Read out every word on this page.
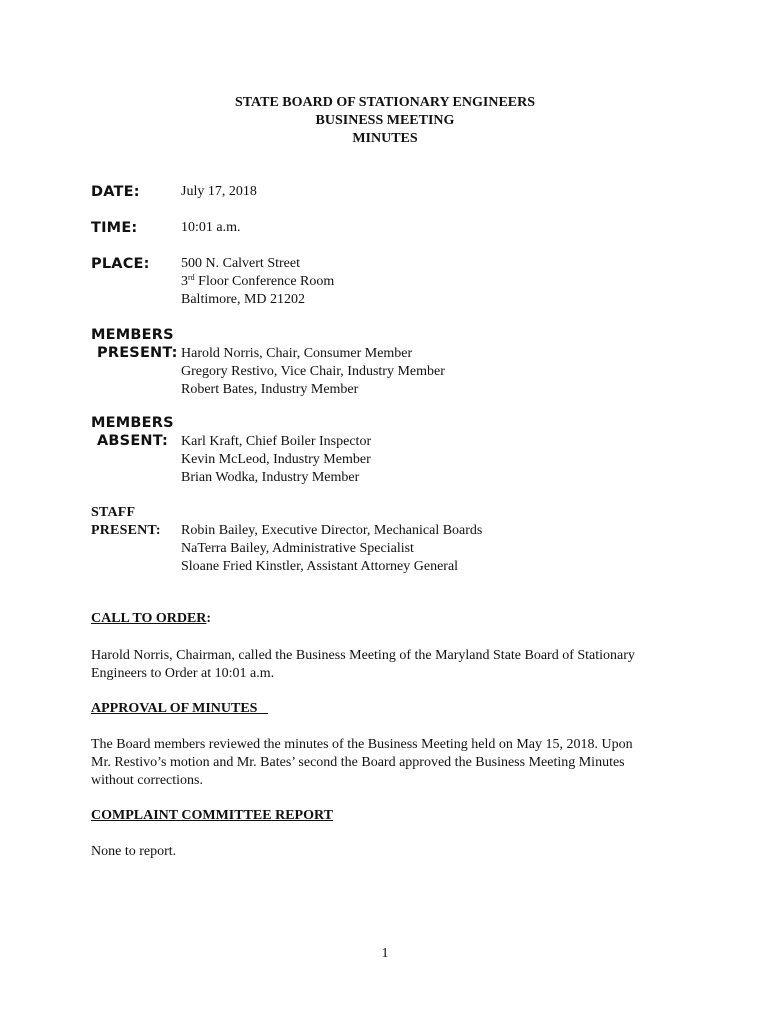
STATE BOARD OF STATIONARY ENGINEERS
BUSINESS MEETING
MINUTES
DATE:	July 17, 2018
TIME:	10:01 a.m.
PLACE: 500 N. Calvert Street
3rd Floor Conference Room
Baltimore, MD 21202
MEMBERS
PRESENT: Harold Norris, Chair, Consumer Member
Gregory Restivo, Vice Chair, Industry Member
Robert Bates, Industry Member
MEMBERS
ABSENT: Karl Kraft, Chief Boiler Inspector
Kevin McLeod, Industry Member
Brian Wodka, Industry Member
STAFF
PRESENT: Robin Bailey, Executive Director, Mechanical Boards
NaTerra Bailey, Administrative Specialist
Sloane Fried Kinstler, Assistant Attorney General
CALL TO ORDER:
Harold Norris, Chairman, called the Business Meeting of the Maryland State Board of Stationary
Engineers to Order at 10:01 a.m.
APPROVAL OF MINUTES
The Board members reviewed the minutes of the Business Meeting held on May 15, 2018. Upon
Mr. Restivo’s motion and Mr. Bates’ second the Board approved the Business Meeting Minutes
without corrections.
COMPLAINT COMMITTEE REPORT
None to report.
1
